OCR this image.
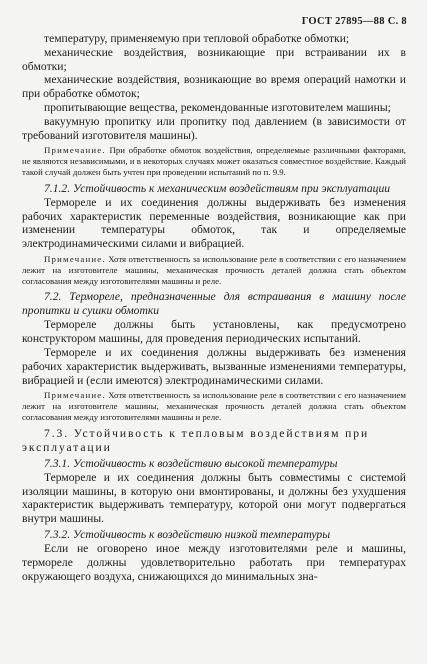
ГОСТ 27895—88 С. 8

температуру, применяемую при тепловой обработке обмотки;

механические воздействия, возникающие при встраивании их в обмотки;

механические воздействия, возникающие во время операций намотки и при обработке обмоток;

пропитывающие вещества, рекомендованные изготовителем машины;

вакуумную пропитку или пропитку под давлением (в зависимости от требований изготовителя машины).

Примечание. При обработке обмоток воздействия, определяемые различными факторами, не являются независимыми, и в некоторых случаях может оказаться совместное воздействие. Каждый такой случай должен быть учтен при проведении испытаний по п. 9.9.

7.1.2. Устойчивость к механическим воздействиям при эксплуатации

Термореле и их соединения должны выдерживать без изменения рабочих характеристик переменные воздействия, возникающие как при изменении температуры обмоток, так и определяемые электродинамическими силами и вибрацией.

Примечание. Хотя ответственность за использование реле в соответствии с его назначением лежит на изготовителе машины, механическая прочность деталей должна стать объектом согласования между изготовителями машины и реле.

7.2. Термореле, предназначенные для встраивания в машину после пропитки и сушки обмотки

Термореле должны быть установлены, как предусмотрено конструктором машины, для проведения периодических испытаний.

Термореле и их соединения должны выдерживать без изменения рабочих характеристик выдерживать, вызванные изменениями температуры, вибрацией и (если имеются) электродинамическими силами.

Примечание. Хотя ответственность за использование реле в соответствии с его назначением лежит на изготовителе машины, механическая прочность деталей должна стать объектом согласования между изготовителями машины и реле.

7.3. Устойчивость к тепловым воздействиям при эксплуатации

7.3.1. Устойчивость к воздействию высокой температуры

Термореле и их соединения должны быть совместимы с системой изоляции машины, в которую они вмонтированы, и должны без ухудшения характеристик выдерживать температуру, которой они могут подвергаться внутри машины.

7.3.2. Устойчивость к воздействию низкой температуры

Если не оговорено иное между изготовителями реле и машины, термореле должны удовлетворительно работать при температурах окружающего воздуха, снижающихся до минимальных зна-
